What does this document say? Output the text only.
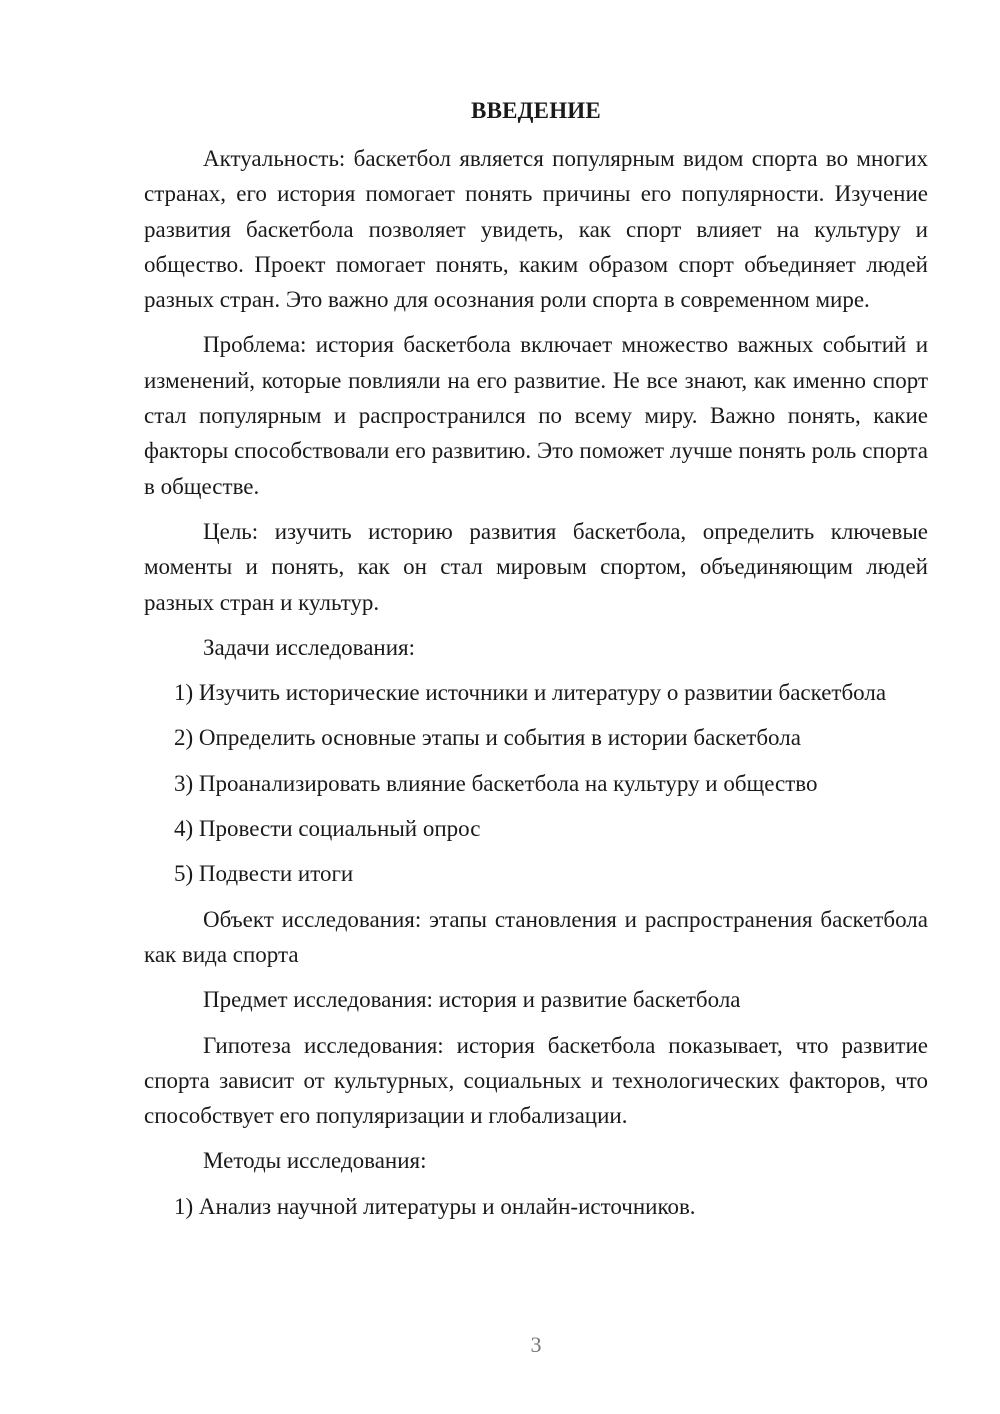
ВВЕДЕНИЕ

Актуальность: баскетбол является популярным видом спорта во многих странах, его история помогает понять причины его популярности. Изучение развития баскетбола позволяет увидеть, как спорт влияет на культуру и общество. Проект помогает понять, каким образом спорт объединяет людей разных стран. Это важно для осознания роли спорта в современном мире.

Проблема: история баскетбола включает множество важных событий и изменений, которые повлияли на его развитие. Не все знают, как именно спорт стал популярным и распространился по всему миру. Важно понять, какие факторы способствовали его развитию. Это поможет лучше понять роль спорта в обществе.

Цель: изучить историю развития баскетбола, определить ключевые моменты и понять, как он стал мировым спортом, объединяющим людей разных стран и культур.

Задачи исследования:

1) Изучить исторические источники и литературу о развитии баскетбола

2) Определить основные этапы и события в истории баскетбола

3) Проанализировать влияние баскетбола на культуру и общество

4) Провести социальный опрос

5) Подвести итоги

Объект исследования: этапы становления и распространения баскетбола как вида спорта

Предмет исследования: история и развитие баскетбола

Гипотеза исследования: история баскетбола показывает, что развитие спорта зависит от культурных, социальных и технологических факторов, что способствует его популяризации и глобализации.

Методы исследования:

1) Анализ научной литературы и онлайн-источников.

3
